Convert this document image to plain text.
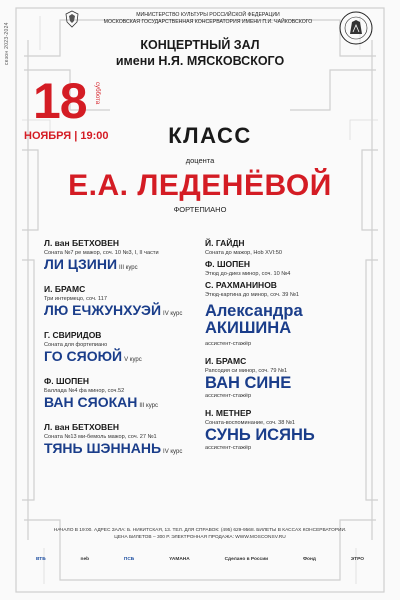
сезон 2023-2024
МИНИСТЕРСТВО КУЛЬТУРЫ РОССИЙСКОЙ ФЕДЕРАЦИИ
МОСКОВСКАЯ ГОСУДАРСТВЕННАЯ КОНСЕРВАТОРИЯ ИМЕНИ П.И. ЧАЙКОВСКОГО
КОНЦЕРТНЫЙ ЗАЛ
имени Н.Я. МЯСКОВСКОГО
18 суббота
НОЯБРЯ | 19:00	КЛАСС
доцента
Е.А. ЛЕДЕНЁВОЙ
ФОРТЕПИАНО
Л. ван БЕТХОВЕН
Соната №7 ре мажор, соч. 10 №3, I, II части
ЛИ ЦЗИНИ III курс
И. БРАМС
Три интермецо, соч. 117
ЛЮ ЕЧЖУНХУЭЙ IV курс
Г. СВИРИДОВ
Соната для фортепиано
ГО СЯОЮЙ V курс
Ф. ШОПЕН
Баллада №4 фа минор, соч.52
ВАН СЯОКАН III курс
Л. ван БЕТХОВЕН
Соната №13 ми-бемоль мажор, соч. 27 №1
ТЯНЬ ШЭННАНЬ IV курс
Й. ГАЙДН
Соната до мажор, Hob XVI:50
Ф. ШОПЕН
Этюд до-диез минор, соч. 10 №4
С. РАХМАНИНОВ
Этюд-картина до минор, соч. 39 №1
Александра
АКИШИНА
ассистент-стажёр
И. БРАМС
Рапсодия си минор, соч. 79 №1
ВАН СИНЕ
ассистент-стажёр
Н. МЕТНЕР
Соната-воспоминание, соч. 38 №1
СУНЬ ИСЯНЬ
ассистент-стажёр
НАЧАЛО В 19:00. АДРЕС ЗАЛА: Б. НИКИТСКАЯ, 13. ТЕЛ. ДЛЯ СПРАВОК: (495) 629-9568. БИЛЕТЫ В КАССАХ КОНСЕРВАТОРИИ.
ЦЕНА БИЛЕТОВ – 300 Р. ЭЛЕКТРОННАЯ ПРОДАЖА: WWW.MOSCONSV.RU
ВТБ	neb	ПСБ	YAMAHA	Сделано в России	Фонд	ЭТРО
